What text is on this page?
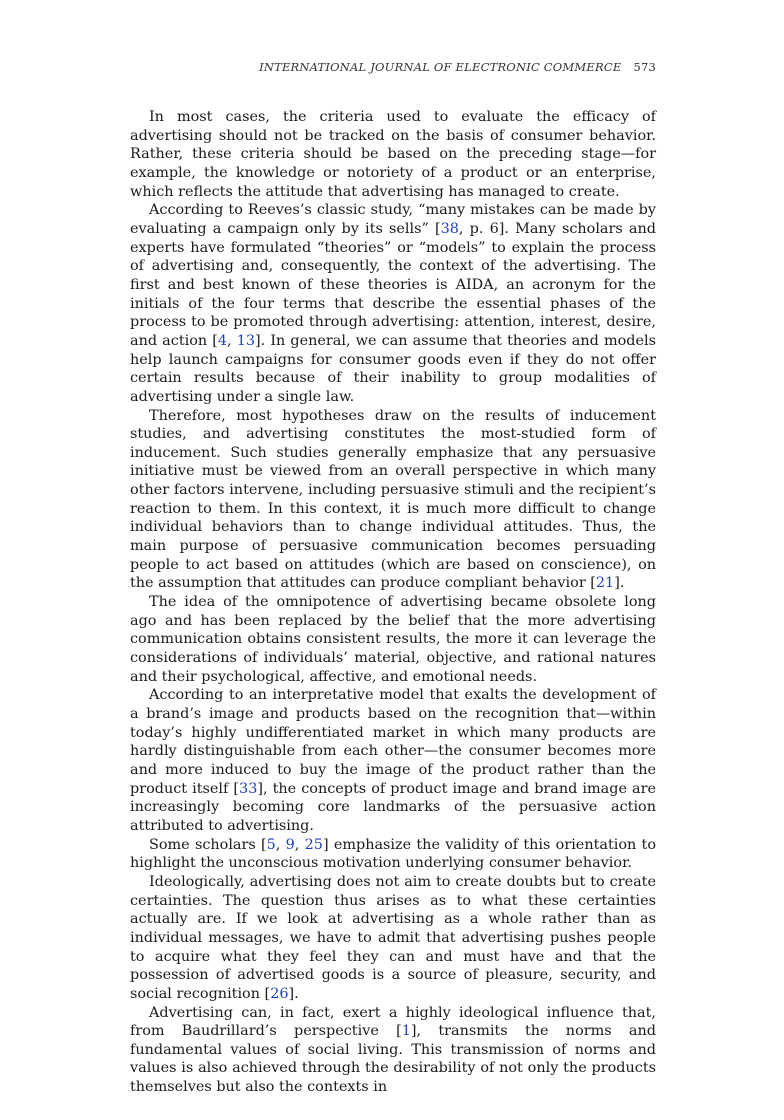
INTERNATIONAL JOURNAL OF ELECTRONIC COMMERCE 573

In most cases, the criteria used to evaluate the efficacy of advertising should not be tracked on the basis of consumer behavior. Rather, these criteria should be based on the preceding stage—for example, the knowledge or notoriety of a product or an enterprise, which reflects the attitude that advertising has managed to create.

According to Reeves’s classic study, “many mistakes can be made by evaluating a campaign only by its sells” [38, p. 6]. Many scholars and experts have formulated “theories” or “models” to explain the process of advertising and, consequently, the context of the advertising. The first and best known of these theories is AIDA, an acronym for the initials of the four terms that describe the essential phases of the process to be promoted through advertising: attention, interest, desire, and action [4, 13]. In general, we can assume that theories and models help launch campaigns for consumer goods even if they do not offer certain results because of their inability to group modalities of advertising under a single law.

Therefore, most hypotheses draw on the results of inducement studies, and advertising constitutes the most-studied form of inducement. Such studies generally emphasize that any persuasive initiative must be viewed from an overall perspective in which many other factors intervene, including persuasive stimuli and the recipient’s reaction to them. In this context, it is much more difficult to change individual behaviors than to change individual attitudes. Thus, the main purpose of persuasive communication becomes persuading people to act based on attitudes (which are based on conscience), on the assumption that attitudes can produce compliant behavior [21].

The idea of the omnipotence of advertising became obsolete long ago and has been replaced by the belief that the more advertising communication obtains consistent results, the more it can leverage the considerations of individuals’ material, objective, and rational natures and their psychological, affective, and emotional needs.

According to an interpretative model that exalts the development of a brand’s image and products based on the recognition that—within today’s highly undifferentiated market in which many products are hardly distinguishable from each other—the consumer becomes more and more induced to buy the image of the product rather than the product itself [33], the concepts of product image and brand image are increasingly becoming core landmarks of the persuasive action attributed to advertising.

Some scholars [5, 9, 25] emphasize the validity of this orientation to highlight the unconscious motivation underlying consumer behavior.

Ideologically, advertising does not aim to create doubts but to create certainties. The question thus arises as to what these certainties actually are. If we look at advertising as a whole rather than as individual messages, we have to admit that advertising pushes people to acquire what they feel they can and must have and that the possession of advertised goods is a source of pleasure, security, and social recognition [26].

Advertising can, in fact, exert a highly ideological influence that, from Baudrillard’s perspective [1], transmits the norms and fundamental values of social living. This transmission of norms and values is also achieved through the desirability of not only the products themselves but also the contexts in
